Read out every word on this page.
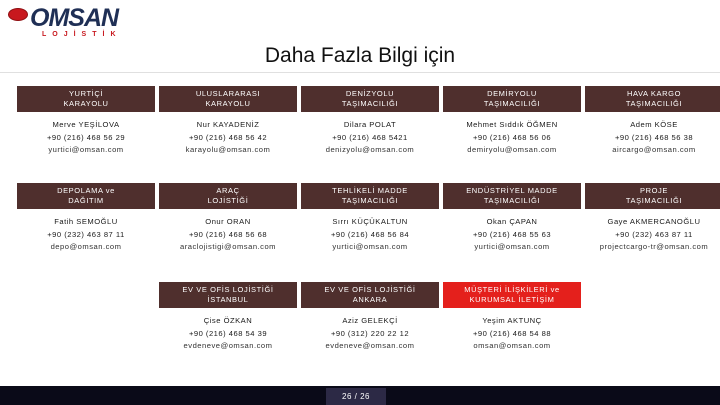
OMSAN
LOJİSTİK
Daha Fazla Bilgi için
YURTİÇİ
KARAYOLU
Merve YEŞİLOVA
+90 (216) 468 56 29
yurtici@omsan.com
ULUSLARARASI
KARAYOLU
Nur KAYADENİZ
+90 (216) 468 56 42
karayolu@omsan.com
DENİZYOLU
TAŞIMACILIĞI
Dilara POLAT
+90 (216) 468 5421
denizyolu@omsan.com
DEMİRYOLU
TAŞIMACILIĞI
Mehmet Sıddık ÖĞMEN
+90 (216) 468 56 06
demiryolu@omsan.com
HAVA KARGO
TAŞIMACILIĞI
Adem KÖSE
+90 (216) 468 56 38
aircargo@omsan.com
DEPOLAMA ve
DAĞITIM
Fatih SEMOĞLU
+90 (232) 463 87 11
depo@omsan.com
ARAÇ
LOJİSTİĞİ
Onur ORAN
+90 (216) 468 56 68
araclojistigi@omsan.com
TEHLİKELİ MADDE
TAŞIMACILIĞI
Sırrı KÜÇÜKALTUN
+90 (216) 468 56 84
yurtici@omsan.com
ENDÜSTRİYEL MADDE
TAŞIMACILIĞI
Okan ÇAPAN
+90 (216) 468 55 63
yurtici@omsan.com
PROJE
TAŞIMACILIĞI
Gaye AKMERCANOĞLU
+90 (232) 463 87 11
projectcargo-tr@omsan.com
EV VE OFİS LOJİSTİĞİ
İSTANBUL
Çise ÖZKAN
+90 (216) 468 54 39
evdeneve@omsan.com
EV VE OFİS LOJİSTİĞİ
ANKARA
Aziz GELEKÇİ
+90 (312) 220 22 12
evdeneve@omsan.com
MÜŞTERİ İLİŞKİLERİ ve
KURUMSAL İLETİŞİM
Yeşim AKTUNÇ
+90 (216) 468 54 88
omsan@omsan.com
26 / 26
